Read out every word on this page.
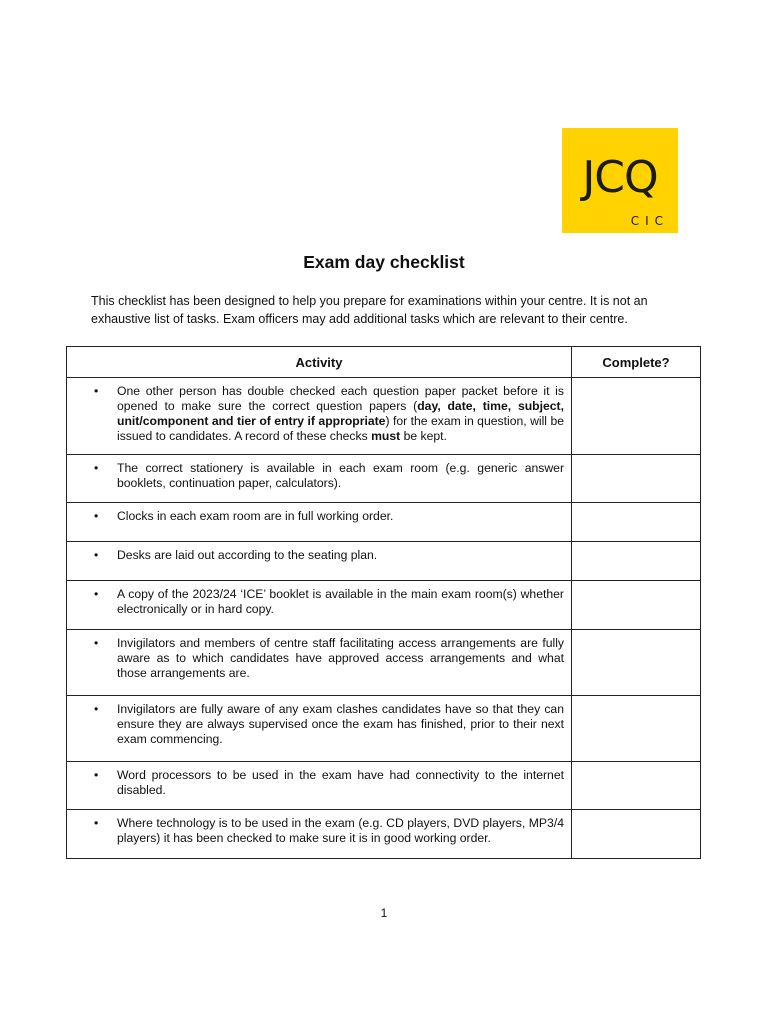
JCQ
CIC
Exam day checklist

This checklist has been designed to help you prepare for examinations within your centre. It is not an exhaustive list of tasks. Exam officers may add additional tasks which are relevant to their centre.

Activity	Complete?

• One other person has double checked each question paper packet before it is opened to make sure the correct question papers (day, date, time, subject, unit/component and tier of entry if appropriate) for the exam in question, will be issued to candidates. A record of these checks must be kept.	

• The correct stationery is available in each exam room (e.g. generic answer booklets, continuation paper, calculators).	

• Clocks in each exam room are in full working order.	

• Desks are laid out according to the seating plan.	

• A copy of the 2023/24 ‘ICE’ booklet is available in the main exam room(s) whether electronically or in hard copy.	

• Invigilators and members of centre staff facilitating access arrangements are fully aware as to which candidates have approved access arrangements and what those arrangements are.	

• Invigilators are fully aware of any exam clashes candidates have so that they can ensure they are always supervised once the exam has finished, prior to their next exam commencing.	

• Word processors to be used in the exam have had connectivity to the internet disabled.	

• Where technology is to be used in the exam (e.g. CD players, DVD players, MP3/4 players) it has been checked to make sure it is in good working order.	

1
